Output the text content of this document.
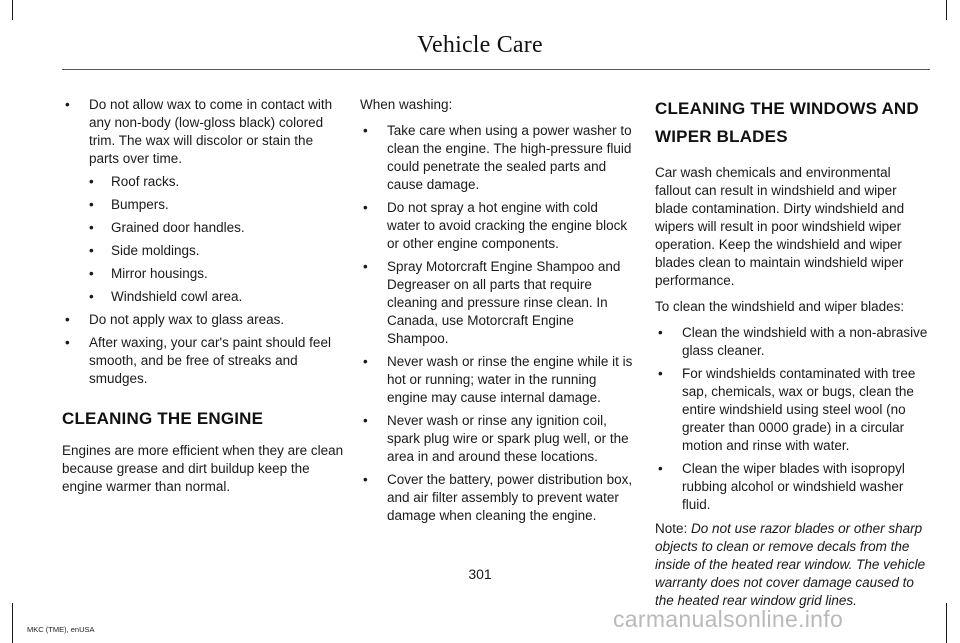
Vehicle Care
• Do not allow wax to come in contact with any non-body (low-gloss black) colored trim. The wax will discolor or stain the parts over time.
• Roof racks.
• Bumpers.
• Grained door handles.
• Side moldings.
• Mirror housings.
• Windshield cowl area.
• Do not apply wax to glass areas.
• After waxing, your car's paint should feel smooth, and be free of streaks and smudges.
CLEANING THE ENGINE

Engines are more efficient when they are clean because grease and dirt buildup keep the engine warmer than normal.

When washing:

• Take care when using a power washer to clean the engine. The high-pressure fluid could penetrate the sealed parts and cause damage.
• Do not spray a hot engine with cold water to avoid cracking the engine block or other engine components.
• Spray Motorcraft Engine Shampoo and Degreaser on all parts that require cleaning and pressure rinse clean. In Canada, use Motorcraft Engine Shampoo.
• Never wash or rinse the engine while it is hot or running; water in the running engine may cause internal damage.
• Never wash or rinse any ignition coil, spark plug wire or spark plug well, or the area in and around these locations.
• Cover the battery, power distribution box, and air filter assembly to prevent water damage when cleaning the engine.
CLEANING THE WINDOWS AND
WIPER BLADES

Car wash chemicals and environmental fallout can result in windshield and wiper blade contamination. Dirty windshield and wipers will result in poor windshield wiper operation. Keep the windshield and wiper blades clean to maintain windshield wiper performance.

To clean the windshield and wiper blades:

• Clean the windshield with a non-abrasive glass cleaner.
• For windshields contaminated with tree sap, chemicals, wax or bugs, clean the entire windshield using steel wool (no greater than 0000 grade) in a circular motion and rinse with water.
• Clean the wiper blades with isopropyl rubbing alcohol or windshield washer fluid.

Note: Do not use razor blades or other sharp objects to clean or remove decals from the inside of the heated rear window. The vehicle warranty does not cover damage caused to the heated rear window grid lines.

301
MKC (TME), enUSA	carmanualsonline.info
